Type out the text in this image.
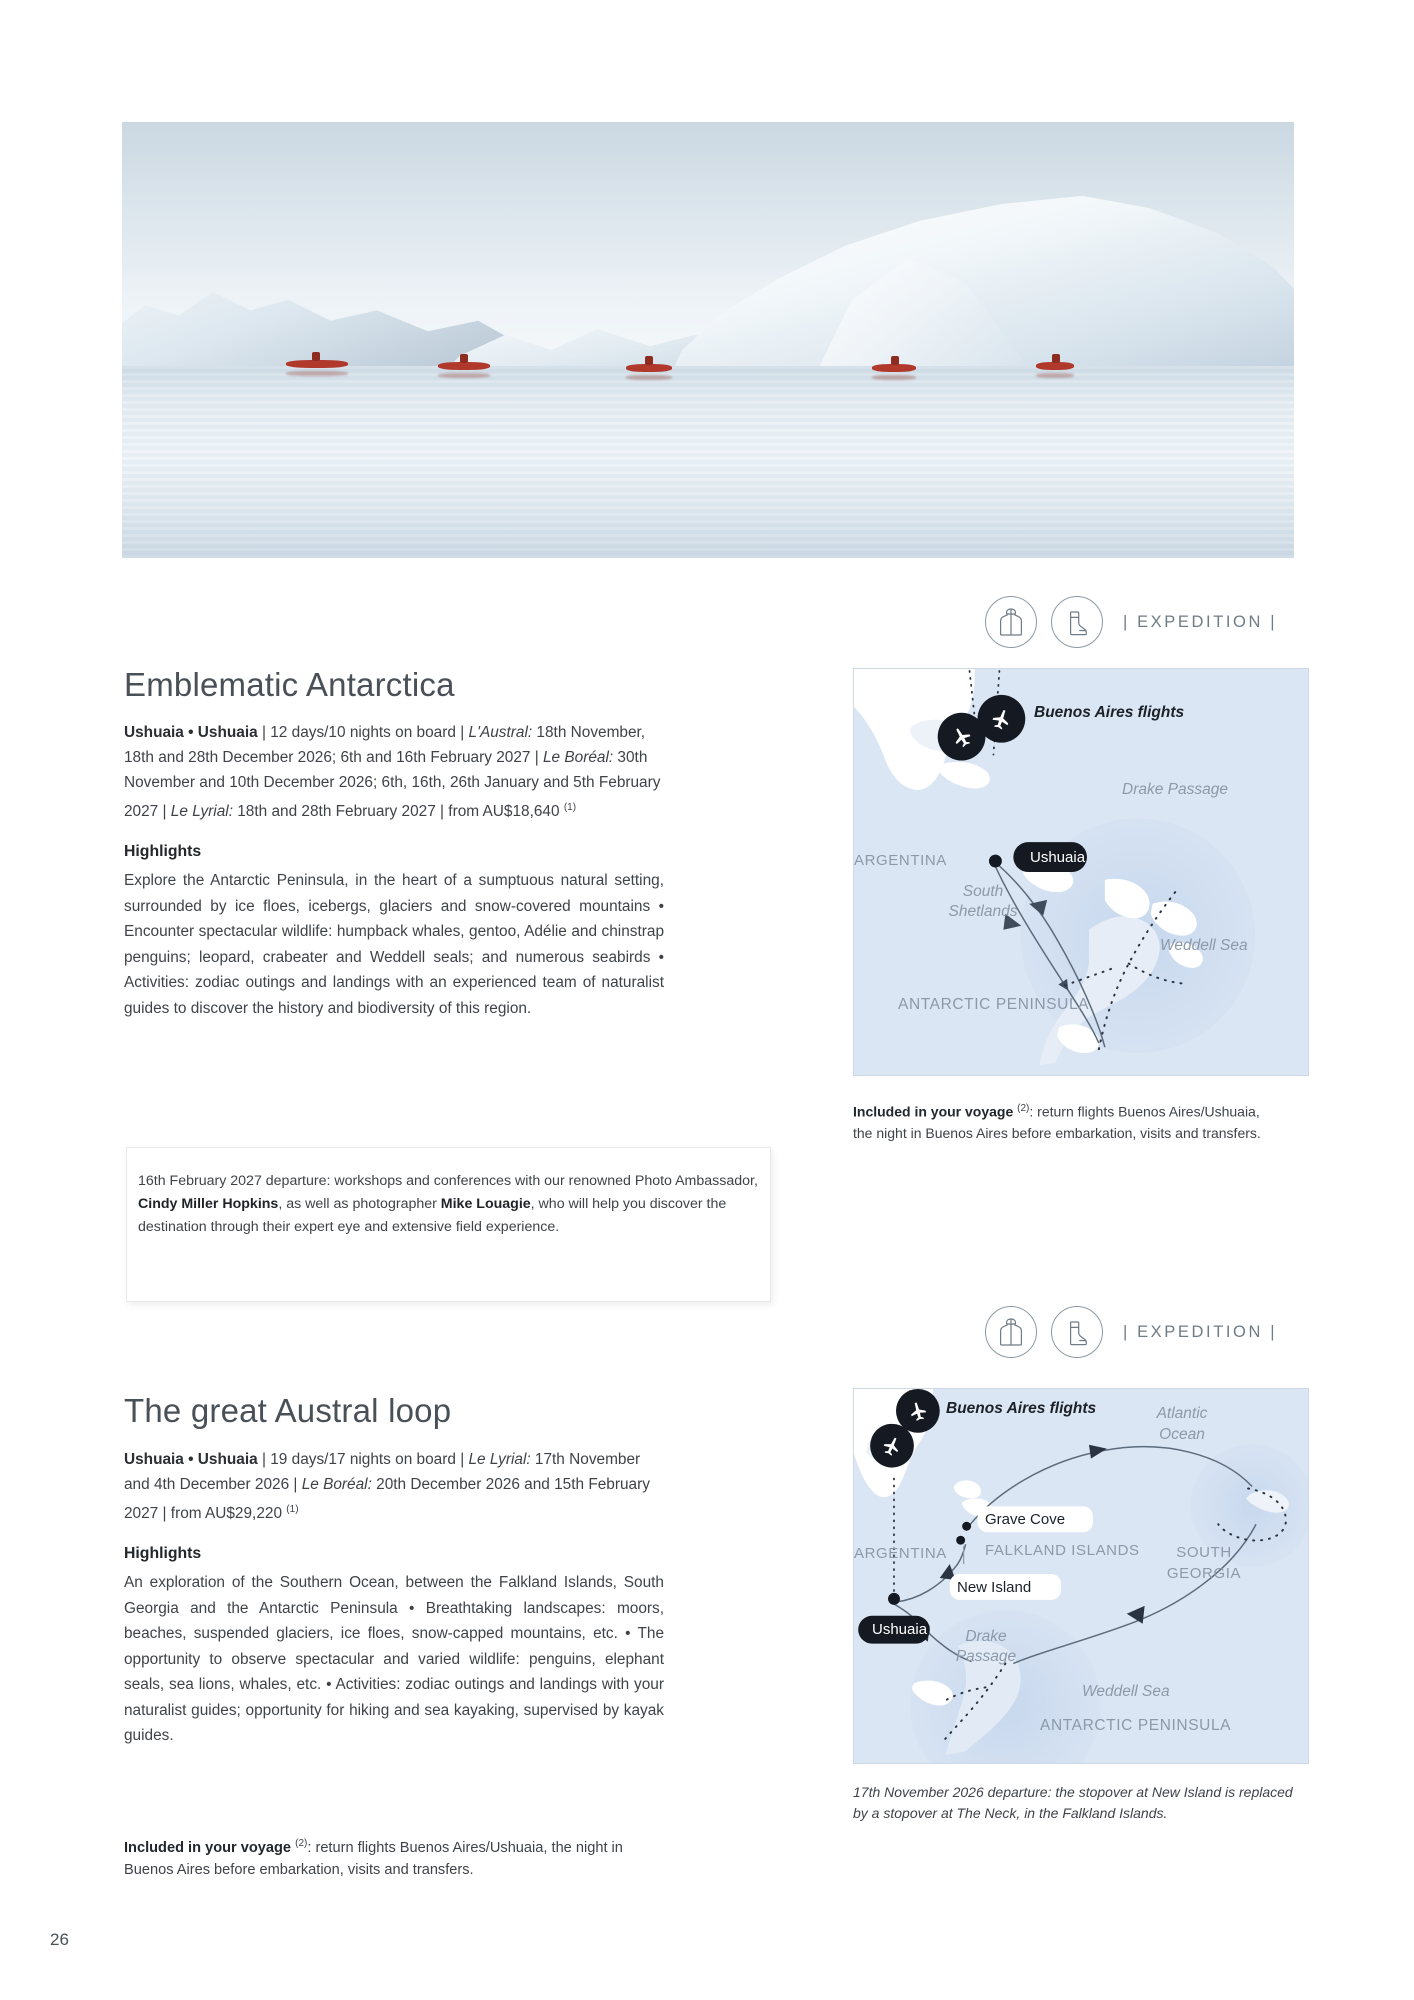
| EXPEDITION |
Emblematic Antarctica
Ushuaia • Ushuaia | 12 days/10 nights on board | L'Austral: 18th November, 18th and 28th December 2026; 6th and 16th February 2027 | Le Boréal: 30th November and 10th December 2026; 6th, 16th, 26th January and 5th February 2027 | Le Lyrial: 18th and 28th February 2027 | from AU$18,640 $^{(1)}$
Highlights
Explore the Antarctic Peninsula, in the heart of a sumptuous natural setting, surrounded by ice floes, icebergs, glaciers and snow-covered mountains • Encounter spectacular wildlife: humpback whales, gentoo, Adélie and chinstrap penguins; leopard, crabeater and Weddell seals; and numerous seabirds • Activities: zodiac outings and landings with an experienced team of naturalist guides to discover the history and biodiversity of this region.
ARGENTINA
Buenos Aires flights
Ushuaia
Drake Passage
South
Shetlands
Weddell Sea
ANTARCTIC PENINSULA
Included in your voyage $^{(2)}$: return flights Buenos Aires/Ushuaia, the night in Buenos Aires before embarkation, visits and transfers.
16th February 2027 departure: workshops and conferences with our renowned Photo Ambassador, Cindy Miller Hopkins, as well as photographer Mike Louagie, who will help you discover the destination through their expert eye and extensive field experience.
| EXPEDITION |
The great Austral loop
Ushuaia • Ushuaia | 19 days/17 nights on board | Le Lyrial: 17th November and 4th December 2026 | Le Boréal: 20th December 2026 and 15th February 2027 | from AU$29,220 $^{(1)}$
Highlights
An exploration of the Southern Ocean, between the Falkland Islands, South Georgia and the Antarctic Peninsula • Breathtaking landscapes: moors, beaches, suspended glaciers, ice floes, snow-capped mountains, etc. • The opportunity to observe spectacular and varied wildlife: penguins, elephant seals, sea lions, whales, etc. • Activities: zodiac outings and landings with your naturalist guides; opportunity for hiking and sea kayaking, supervised by kayak guides.
Included in your voyage $^{(2)}$: return flights Buenos Aires/Ushuaia, the night in Buenos Aires before embarkation, visits and transfers.
ARGENTINA
Buenos Aires flights
Ushuaia
Grave Cove
New Island
FALKLAND ISLANDS	SOUTH
GEORGIA
Atlantic
Ocean
Drake
Passage
Weddell Sea
ANTARCTIC PENINSULA
17th November 2026 departure: the stopover at New Island is replaced by a stopover at The Neck, in the Falkland Islands.
26
